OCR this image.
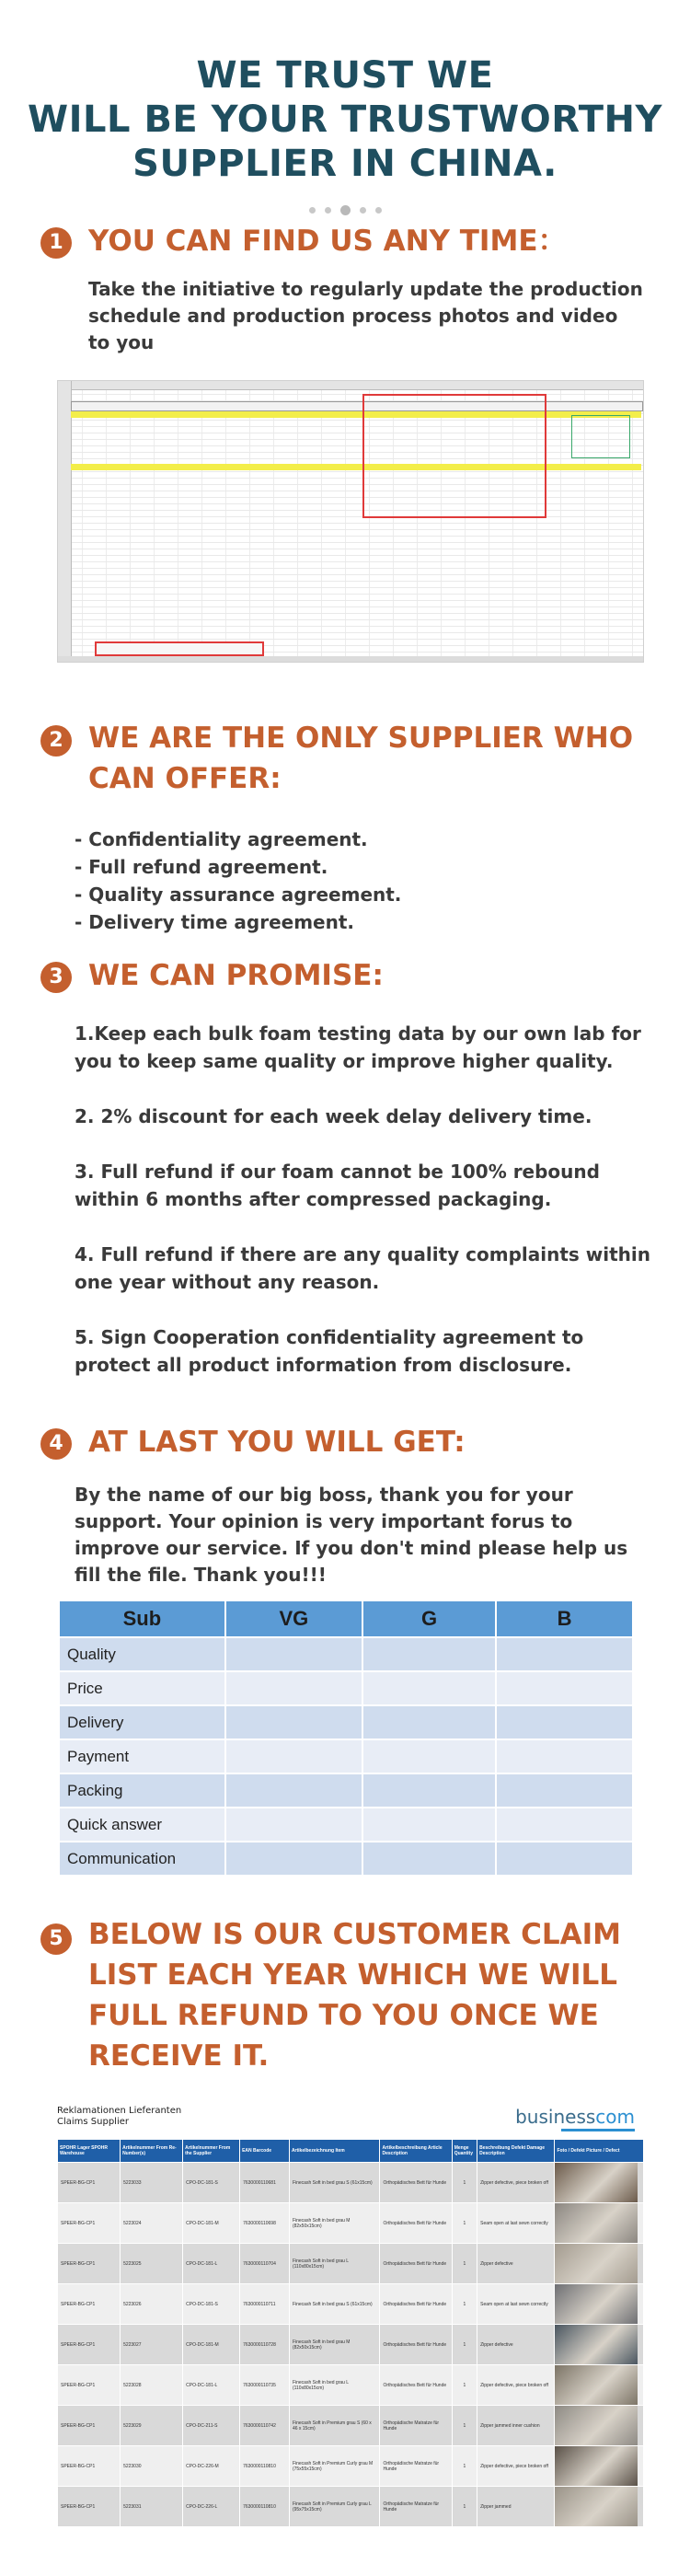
WE TRUST WE
WILL BE YOUR TRUSTWORTHY
SUPPLIER IN CHINA.
1 YOU CAN FIND US ANY TIME：
Take the initiative to regularly update the production
schedule and production process photos and video
to you
2 WE ARE THE ONLY SUPPLIER WHO
CAN OFFER:
- Confidentiality agreement.
- Full refund agreement.
- Quality assurance agreement.
- Delivery time agreement.
3 WE CAN PROMISE:
1.Keep each bulk foam testing data by our own lab for
you to keep same quality or improve higher quality.
2. 2% discount for each week delay delivery time.
3. Full refund if our foam cannot be 100% rebound
within 6 months after compressed packaging.
4. Full refund if there are any quality complaints within
one year without any reason.
5. Sign Cooperation confidentiality agreement to
protect all product information from disclosure.
4 AT LAST YOU WILL GET:
By the name of our big boss, thank you for your
support. Your opinion is very important forus to
improve our service. If you don't mind please help us
fill the file. Thank you!!!
Sub	VG	G	B
Quality			
Price			
Delivery			
Payment			
Packing			
Quick answer			
Communication			
5 BELOW IS OUR CUSTOMER CLAIM
LIST EACH YEAR WHICH WE WILL
FULL REFUND TO YOU ONCE WE
RECEIVE IT.
Reklamationen Lieferanten
Claims Supplier	businesscom
SPOHR Lager SPOHR Warehouse	Artikelnummer From Re-Number(s)	Artikelnummer From the Supplier	EAN Barcode	Artikelbezeichnung Item	Artikelbeschreibung Article Description	Menge Quantity	Beschreibung Defekt Damage Description	Foto / Defekt Picture / Defect
SPEER-BG-CP1	5223033	CPO-DC-181-S	7630000110681	Finecash Soft in bed grau S (61x15cm)	Orthopädisches Bett für Hunde	1	Zipper defective, piece broken off	

SPEER-BG-CP1	5223024	CPO-DC-181-M	7630000110698	Finecash Soft in bed grau M (82x50x15cm)	Orthopädisches Bett für Hunde	1	Seam open at last sewn correctly	

SPEER-BG-CP1	5223025	CPO-DC-181-L	7630000110704	Finecash Soft in bed grau L (110x80x15cm)	Orthopädisches Bett für Hunde	1	Zipper defective	

SPEER-BG-CP1	5223026	CPO-DC-181-S	7630000110711	Finecash Soft in bed grau S (61x15cm)	Orthopädisches Bett für Hunde	1	Seam open at last sewn correctly	

SPEER-BG-CP1	5223027	CPO-DC-181-M	7630000110728	Finecash Soft in bed grau M (82x50x15cm)	Orthopädisches Bett für Hunde	1	Zipper defective	

SPEER-BG-CP1	5223028	CPO-DC-181-L	7630000110735	Finecash Soft in bed grau L (110x80x15cm)	Orthopädisches Bett für Hunde	1	Zipper defective, piece broken off	

SPEER-BG-CP1	5223029	CPO-DC-211-S	7630000110742	Finecash Soft in Premium grau S (60 x 46 x 15cm)	Orthopädische Matratze für Hunde	1	Zipper jammed inner cushion	

SPEER-BG-CP1	5223030	CPO-DC-226-M	7630000110810	Finecash Soft in Premium Curly grau M (75x55x15cm)	Orthopädische Matratze für Hunde	1	Zipper defective, piece broken off	

SPEER-BG-CP1	5223031	CPO-DC-226-L	7630000110810	Finecash Soft in Premium Curly grau L (95x75x15cm)	Orthopädische Matratze für Hunde	1	Zipper jammed	
